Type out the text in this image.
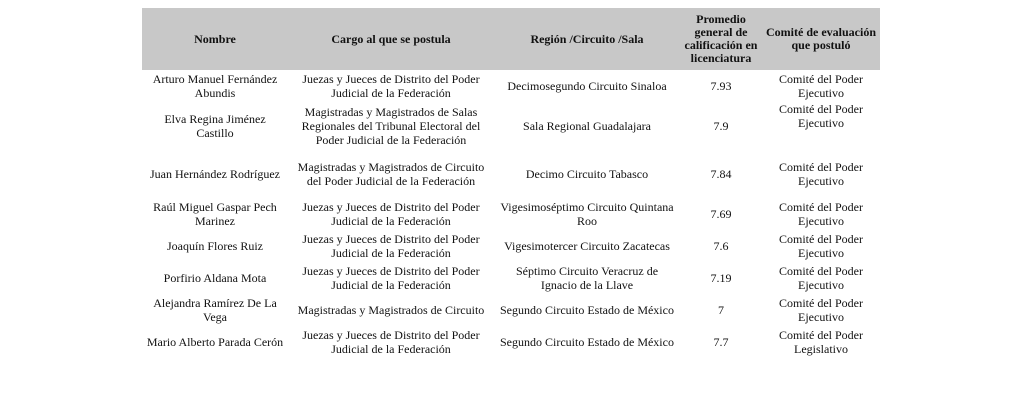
Nombre	Cargo al que se postula	Región /Circuito /Sala	Promedio general de calificación en licenciatura	Comité de evaluación que postuló
Arturo Manuel Fernández Abundis	Juezas y Jueces de Distrito del Poder Judicial de la Federación	Decimosegundo Circuito Sinaloa	7.93	Comité del Poder Ejecutivo
Elva Regina Jiménez Castillo	Magistradas y Magistrados de Salas Regionales del Tribunal Electoral del Poder Judicial de la Federación	Sala Regional Guadalajara	7.9	Comité del Poder Ejecutivo
Juan Hernández Rodríguez	Magistradas y Magistrados de Circuito del Poder Judicial de la Federación	Decimo Circuito Tabasco	7.84	Comité del Poder Ejecutivo
Raúl Miguel Gaspar Pech Marinez	Juezas y Jueces de Distrito del Poder Judicial de la Federación	Vigesimoséptimo Circuito Quintana Roo	7.69	Comité del Poder Ejecutivo
Joaquín Flores Ruiz	Juezas y Jueces de Distrito del Poder Judicial de la Federación	Vigesimotercer Circuito Zacatecas	7.6	Comité del Poder Ejecutivo
Porfirio Aldana Mota	Juezas y Jueces de Distrito del Poder Judicial de la Federación	Séptimo Circuito Veracruz de Ignacio de la Llave	7.19	Comité del Poder Ejecutivo
Alejandra Ramírez De La Vega	Magistradas y Magistrados de Circuito	Segundo Circuito Estado de México	7	Comité del Poder Ejecutivo
Mario Alberto Parada Cerón	Juezas y Jueces de Distrito del Poder Judicial de la Federación	Segundo Circuito Estado de México	7.7	Comité del Poder Legislativo
